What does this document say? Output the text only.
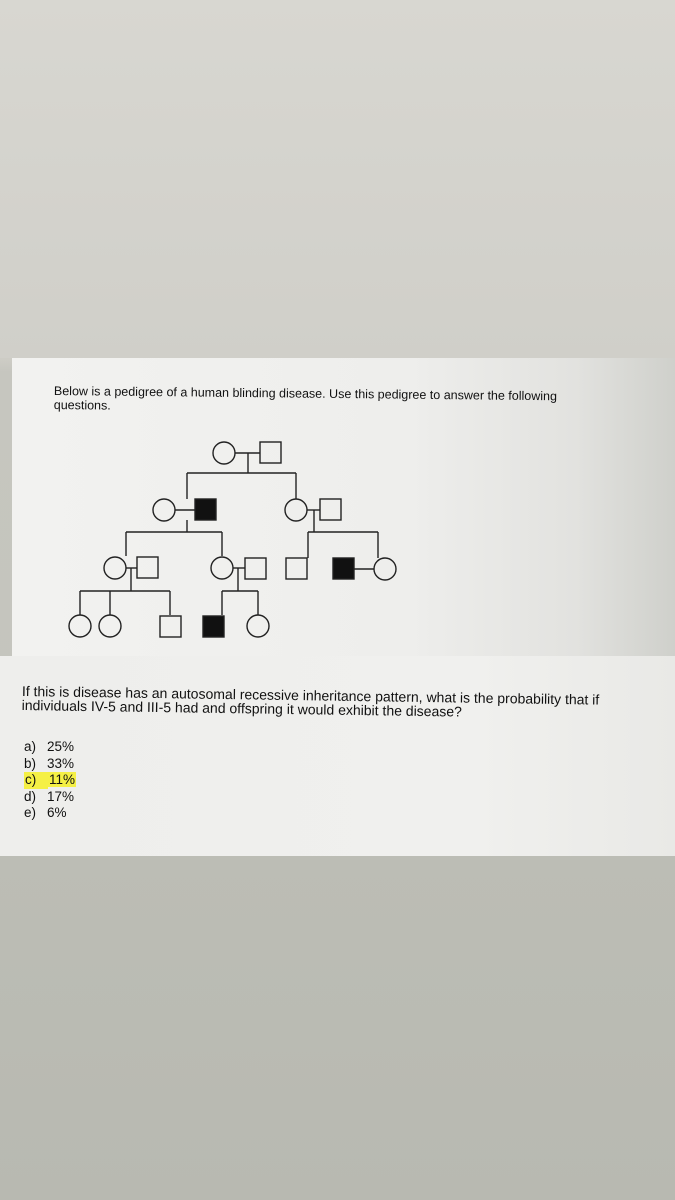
Below is a pedigree of a human blinding disease. Use this pedigree to answer the following questions.
If this is disease has an autosomal recessive inheritance pattern, what is the probability that if individuals IV-5 and III-5 had and offspring it would exhibit the disease?
a) 25%
b) 33%
c) 11%
d) 17%
e) 6%
